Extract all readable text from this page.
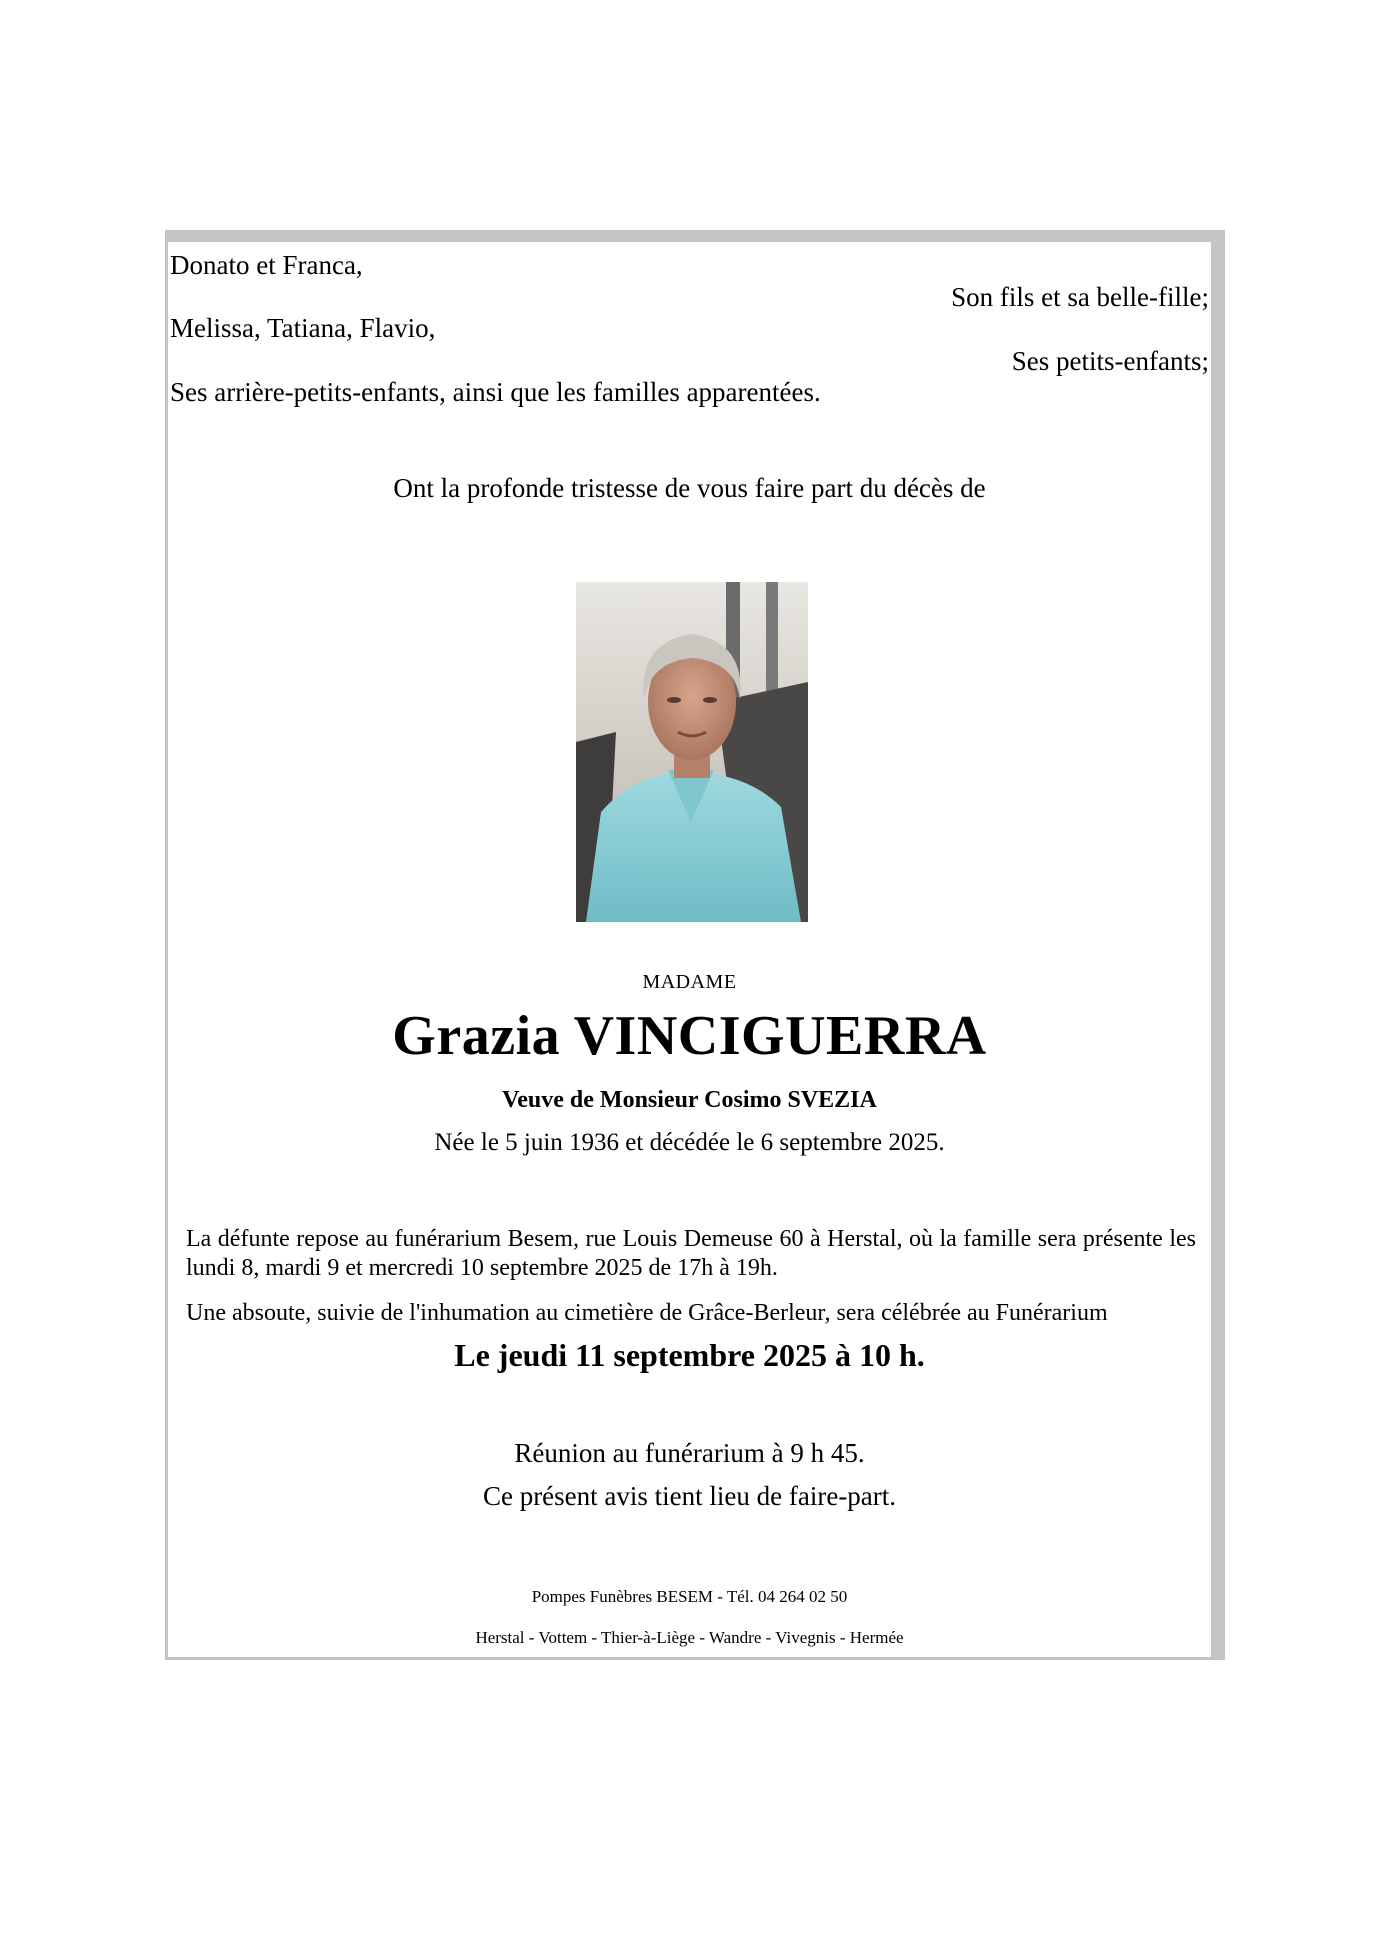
Donato et Franca,
Son fils et sa belle-fille;
Melissa, Tatiana, Flavio,
Ses petits-enfants;
Ses arrière-petits-enfants, ainsi que les familles apparentées.
Ont la profonde tristesse de vous faire part du décès de
MADAME
Grazia VINCIGUERRA
Veuve de Monsieur Cosimo SVEZIA
Née le 5 juin 1936 et décédée le 6 septembre 2025.
La défunte repose au funérarium Besem, rue Louis Demeuse 60 à Herstal, où la famille sera présente les lundi 8, mardi 9 et mercredi 10 septembre 2025 de 17h à 19h.
Une absoute, suivie de l'inhumation au cimetière de Grâce-Berleur, sera célébrée au Funérarium
Le jeudi 11 septembre 2025 à 10 h.
Réunion au funérarium à 9 h 45.
Ce présent avis tient lieu de faire-part.
Pompes Funèbres BESEM - Tél. 04 264 02 50
Herstal - Vottem - Thier-à-Liège - Wandre - Vivegnis - Hermée
